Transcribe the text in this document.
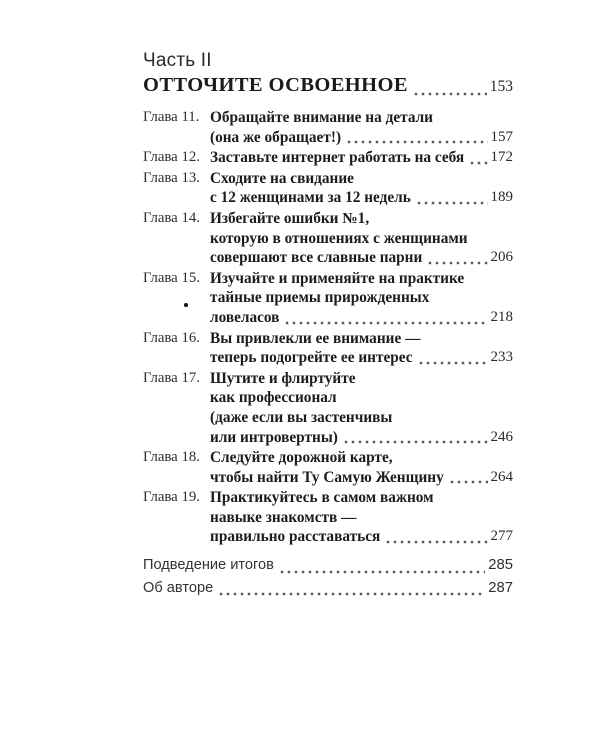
Часть II
ОТТОЧИТЕ ОСВОЕННОЕ	153
Глава 11. Обращайте внимание на детали
(она же обращает!)	157
Глава 12. Заставьте интернет работать на себя 172
Глава 13. Сходите на свидание
с 12 женщинами за 12 недель	189
Глава 14. Избегайте ошибки №1,
которую в отношениях с женщинами
совершают все славные парни	206
Глава 15. Изучайте и применяйте на практике
тайные приемы прирожденных
ловеласов	218
Глава 16. Вы привлекли ее внимание —
теперь подогрейте ее интерес	233
Глава 17. Шутите и флиртуйте
как профессионал
(даже если вы застенчивы
или интровертны)	246
Глава 18. Следуйте дорожной карте,
чтобы найти Ту Самую Женщину	264
Глава 19. Практикуйтесь в самом важном
навыке знакомств —
правильно расставаться	277
Подведение итогов	285
Об авторе	287
